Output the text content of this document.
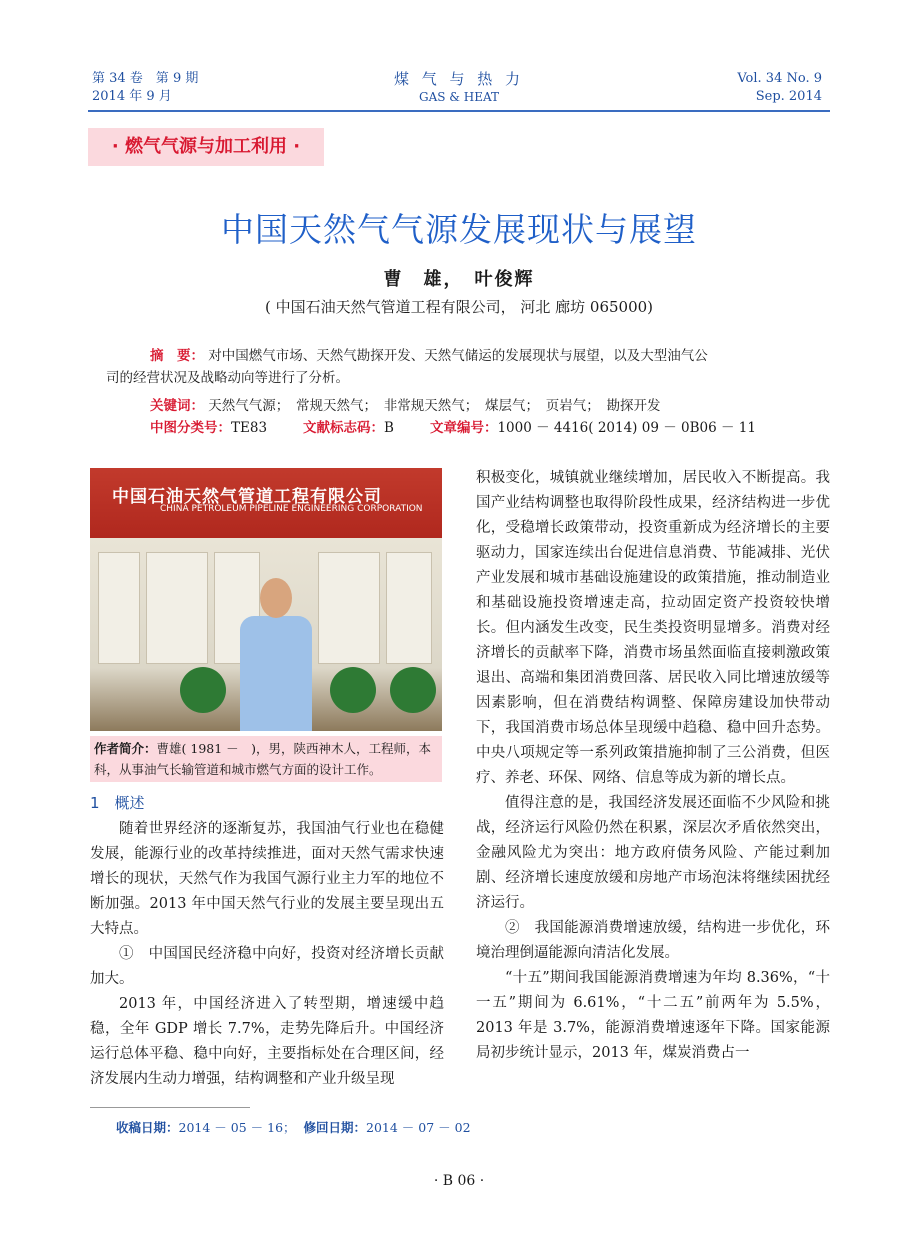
第 34 卷　第 9 期
2014 年 9 月
煤 气 与 热 力
GAS & HEAT
Vol. 34 No. 9
Sep. 2014
· 燃气气源与加工利用 ·
中国天然气气源发展现状与展望
曹　雄，　叶俊辉
( 中国石油天然气管道工程有限公司， 河北 廊坊 065000)
摘　要： 对中国燃气市场、天然气勘探开发、天然气储运的发展现状与展望，以及大型油气公
司的经营状况及战略动向等进行了分析。
关键词： 天然气气源；　常规天然气；　非常规天然气；　煤层气；　页岩气；　勘探开发
中图分类号：TE83	文献标志码：B	文章编号：1000 － 4416( 2014) 09 － 0B06 － 11
中国石油天然气管道工程有限公司
CHINA PETROLEUM PIPELINE ENGINEERING CORPORATION
作者简介：曹雄( 1981 －　)，男，陕西神木人，工程师，本科，从事油气长输管道和城市燃气方面的设计工作。
1　概述

随着世界经济的逐渐复苏，我国油气行业也在稳健发展，能源行业的改革持续推进，面对天然气需求快速增长的现状，天然气作为我国气源行业主力军的地位不断加强。2013 年中国天然气行业的发展主要呈现出五大特点。

①　中国国民经济稳中向好，投资对经济增长贡献加大。

2013 年，中国经济进入了转型期，增速缓中趋稳，全年 GDP 增长 7.7%，走势先降后升。中国经济运行总体平稳、稳中向好，主要指标处在合理区间，经济发展内生动力增强，结构调整和产业升级呈现

积极变化，城镇就业继续增加，居民收入不断提高。我国产业结构调整也取得阶段性成果，经济结构进一步优化，受稳增长政策带动，投资重新成为经济增长的主要驱动力，国家连续出台促进信息消费、节能减排、光伏产业发展和城市基础设施建设的政策措施，推动制造业和基础设施投资增速走高，拉动固定资产投资较快增长。但内涵发生改变，民生类投资明显增多。消费对经济增长的贡献率下降，消费市场虽然面临直接刺激政策退出、高端和集团消费回落、居民收入同比增速放缓等因素影响，但在消费结构调整、保障房建设加快带动下，我国消费市场总体呈现缓中趋稳、稳中回升态势。中央八项规定等一系列政策措施抑制了三公消费，但医疗、养老、环保、网络、信息等成为新的增长点。

值得注意的是，我国经济发展还面临不少风险和挑战，经济运行风险仍然在积累，深层次矛盾依然突出，金融风险尤为突出：地方政府债务风险、产能过剩加剧、经济增长速度放缓和房地产市场泡沫将继续困扰经济运行。

②　我国能源消费增速放缓，结构进一步优化，环境治理倒逼能源向清洁化发展。

“十五”期间我国能源消费增速为年均 8.36%，“十一五”期间为 6.61%，“十二五”前两年为 5.5%，2013 年是 3.7%，能源消费增速逐年下降。国家能源局初步统计显示，2013 年，煤炭消费占一

收稿日期：2014 － 05 － 16； 修回日期：2014 － 07 － 02
· B 06 ·
